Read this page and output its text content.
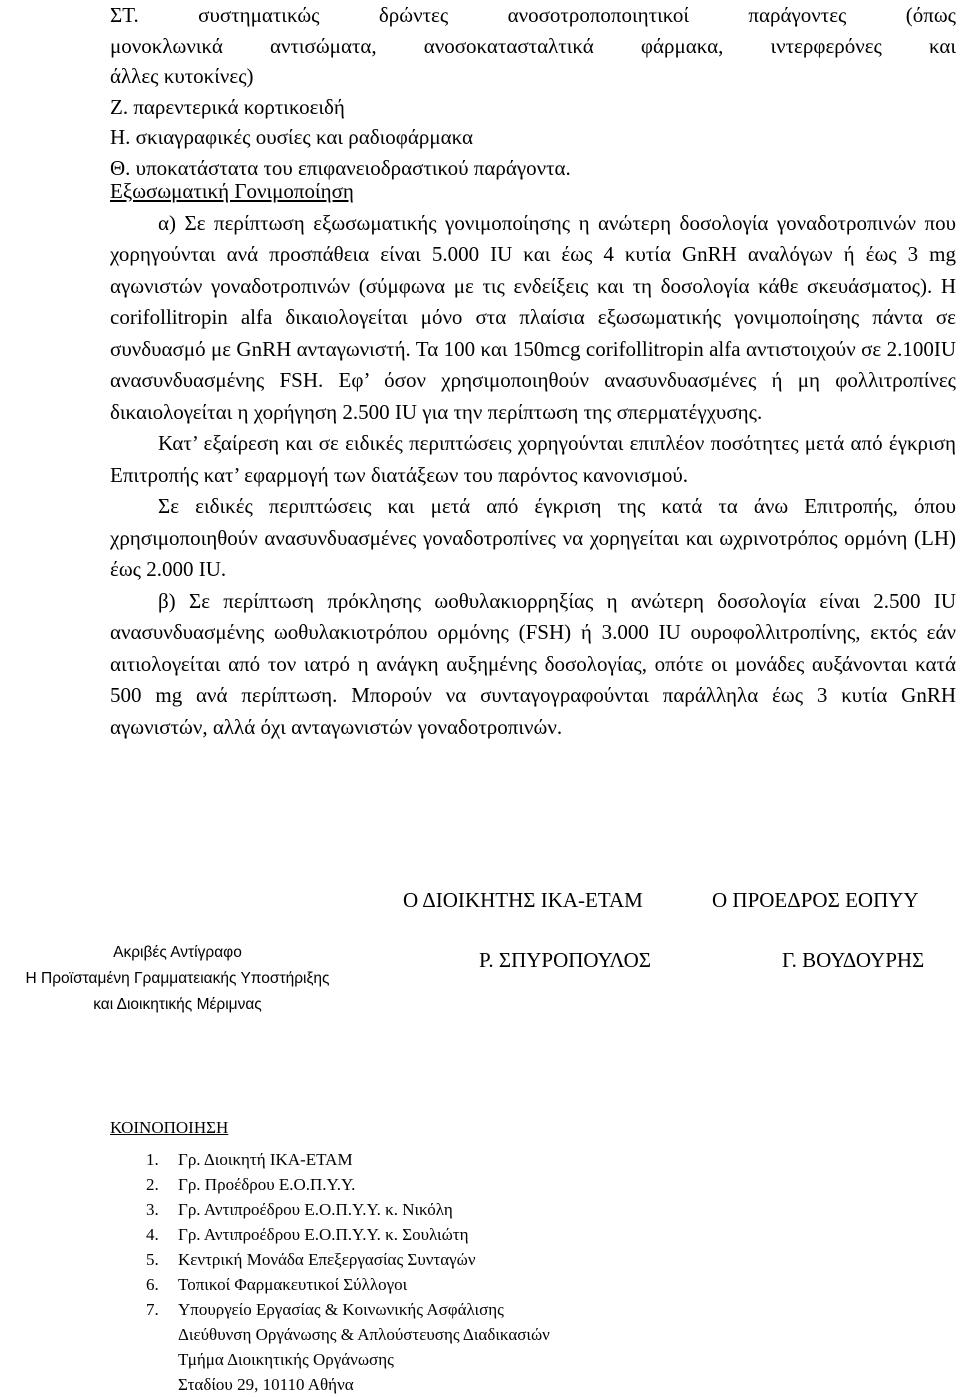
ΣΤ. συστηματικώς δρώντες ανοσοτροποποιητικοί παράγοντες (όπως
μονοκλωνικά αντισώματα, ανοσοκατασταλτικά φάρμακα, ιντερφερόνες και
άλλες κυτοκίνες)
Ζ. παρεντερικά κορτικοειδή
Η. σκιαγραφικές ουσίες και ραδιοφάρμακα
Θ. υποκατάστατα του επιφανειοδραστικού παράγοντα.

Εξωσωματική Γονιμοποίηση

α) Σε περίπτωση εξωσωματικής γονιμοποίησης η ανώτερη δοσολογία γοναδοτροπινών που χορηγούνται ανά προσπάθεια είναι 5.000 IU και έως 4 κυτία GnRH αναλόγων ή έως 3 mg αγωνιστών γοναδοτροπινών (σύμφωνα με τις ενδείξεις και τη δοσολογία κάθε σκευάσματος). Η corifollitropin alfa δικαιολογείται μόνο στα πλαίσια εξωσωματικής γονιμοποίησης πάντα σε συνδυασμό με GnRH ανταγωνιστή. Τα 100 και 150mcg corifollitropin alfa αντιστοιχούν σε 2.100IU ανασυνδυασμένης FSH. Εφ’ όσον χρησιμοποιηθούν ανασυνδυασμένες ή μη φολλιτροπίνες δικαιολογείται η χορήγηση 2.500 IU για την περίπτωση της σπερματέγχυσης.

Κατ’ εξαίρεση και σε ειδικές περιπτώσεις χορηγούνται επιπλέον ποσότητες μετά από έγκριση Επιτροπής κατ’ εφαρμογή των διατάξεων του παρόντος κανονισμού.

Σε ειδικές περιπτώσεις και μετά από έγκριση της κατά τα άνω Επιτροπής, όπου χρησιμοποιηθούν ανασυνδυασμένες γοναδοτροπίνες να χορηγείται και ωχρινοτρόπος ορμόνη (LH) έως 2.000 IU.

β) Σε περίπτωση πρόκλησης ωοθυλακιορρηξίας η ανώτερη δοσολογία είναι 2.500 IU ανασυνδυασμένης ωοθυλακιοτρόπου ορμόνης (FSH) ή 3.000 IU ουροφολλιτροπίνης, εκτός εάν αιτιολογείται από τον ιατρό η ανάγκη αυξημένης δοσολογίας, οπότε οι μονάδες αυξάνονται κατά 500 mg ανά περίπτωση. Μπορούν να συνταγογραφούνται παράλληλα έως 3 κυτία GnRH αγωνιστών, αλλά όχι ανταγωνιστών γοναδοτροπινών.

Ο ΔΙΟΙΚΗΤΗΣ ΙΚΑ-ΕΤΑΜ	Ο ΠΡΟΕΔΡΟΣ ΕΟΠΥΥ
Ακριβές Αντίγραφο
Η Προϊσταμένη Γραμματειακής Υποστήριξης
και Διοικητικής Μέριμνας
Ρ. ΣΠΥΡΟΠΟΥΛΟΣ	Γ. ΒΟΥΔΟΥΡΗΣ
ΚΟΙΝΟΠΟΙΗΣΗ
1. Γρ. Διοικητή ΙΚΑ-ΕΤΑΜ
2. Γρ. Προέδρου Ε.Ο.Π.Υ.Υ.
3. Γρ. Αντιπροέδρου Ε.Ο.Π.Υ.Υ. κ. Νικόλη
4. Γρ. Αντιπροέδρου Ε.Ο.Π.Υ.Υ. κ. Σουλιώτη
5. Κεντρική Μονάδα Επεξεργασίας Συνταγών
6. Τοπικοί Φαρμακευτικοί Σύλλογοι
7. Υπουργείο Εργασίας & Κοινωνικής Ασφάλισης
Διεύθυνση Οργάνωσης & Απλούστευσης Διαδικασιών
Τμήμα Διοικητικής Οργάνωσης
Σταδίου 29, 10110 Αθήνα
